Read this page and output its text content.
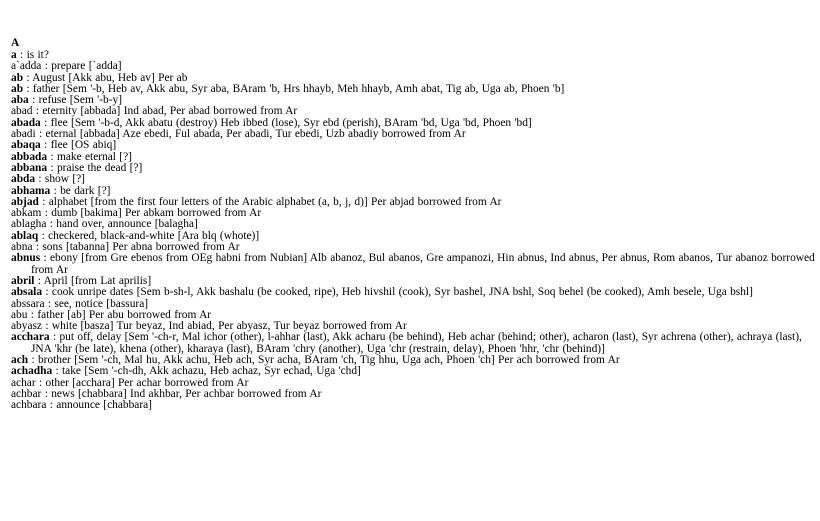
A
a : is it?
a`adda : prepare [`adda]
ab : August [Akk abu, Heb av] Per ab
ab : father [Sem '-b, Heb av, Akk abu, Syr aba, BAram 'b, Hrs hhayb, Meh hhayb, Amh abat, Tig ab, Uga ab, Phoen 'b]
aba : refuse [Sem '-b-y]
abad : eternity [abbada] Ind abad, Per abad borrowed from Ar
abada : flee [Sem '-b-d, Akk abatu (destroy) Heb ibbed (lose), Syr ebd (perish), BAram 'bd, Uga 'bd, Phoen 'bd]
abadi : eternal [abbada] Aze ebedi, Ful abada, Per abadi, Tur ebedi, Uzb abadiy borrowed from Ar
abaqa : flee [OS abiq]
abbada : make eternal [?]
abbana : praise the dead [?]
abda : show [?]
abhama : be dark [?]
abjad : alphabet [from the first four letters of the Arabic alphabet (a, b, j, d)] Per abjad borrowed from Ar
abkam : dumb [bakima] Per abkam borrowed from Ar
ablagha : hand over, announce [balagha]
ablaq : checkered, black-and-white [Ara blq (whote)]
abna : sons [tabanna] Per abna borrowed from Ar
abnus : ebony [from Gre ebenos from OEg habni from Nubian] Alb abanoz, Bul abanos, Gre ampanozi, Hin abnus, Ind abnus, Per abnus, Rom abanos, Tur abanoz borrowed from Ar
abril : April [from Lat aprilis]
absala : cook unripe dates [Sem b-sh-l, Akk bashalu (be cooked, ripe), Heb hivshil (cook), Syr bashel, JNA bshl, Soq behel (be cooked), Amh besele, Uga bshl]
abssara : see, notice [bassura]
abu : father [ab] Per abu borrowed from Ar
abyasz : white [basza] Tur beyaz, Ind abiad, Per abyasz, Tur beyaz borrowed from Ar
acchara : put off, delay [Sem '-ch-r, Mal ichor (other), l-ahhar (last), Akk acharu (be behind), Heb achar (behind; other), acharon (last), Syr achrena (other), achraya (last), JNA 'khr (be late), khena (other), kharaya (last), BAram 'chry (another), Uga 'chr (restrain, delay), Phoen 'hhr, 'chr (behind)]
ach : brother [Sem '-ch, Mal hu, Akk achu, Heb ach, Syr acha, BAram 'ch, Tig hhu, Uga ach, Phoen 'ch] Per ach borrowed from Ar
achadha : take [Sem '-ch-dh, Akk achazu, Heb achaz, Syr echad, Uga 'chd]
achar : other [acchara] Per achar borrowed from Ar
achbar : news [chabbara] Ind akhbar, Per achbar borrowed from Ar
achbara : announce [chabbara]
